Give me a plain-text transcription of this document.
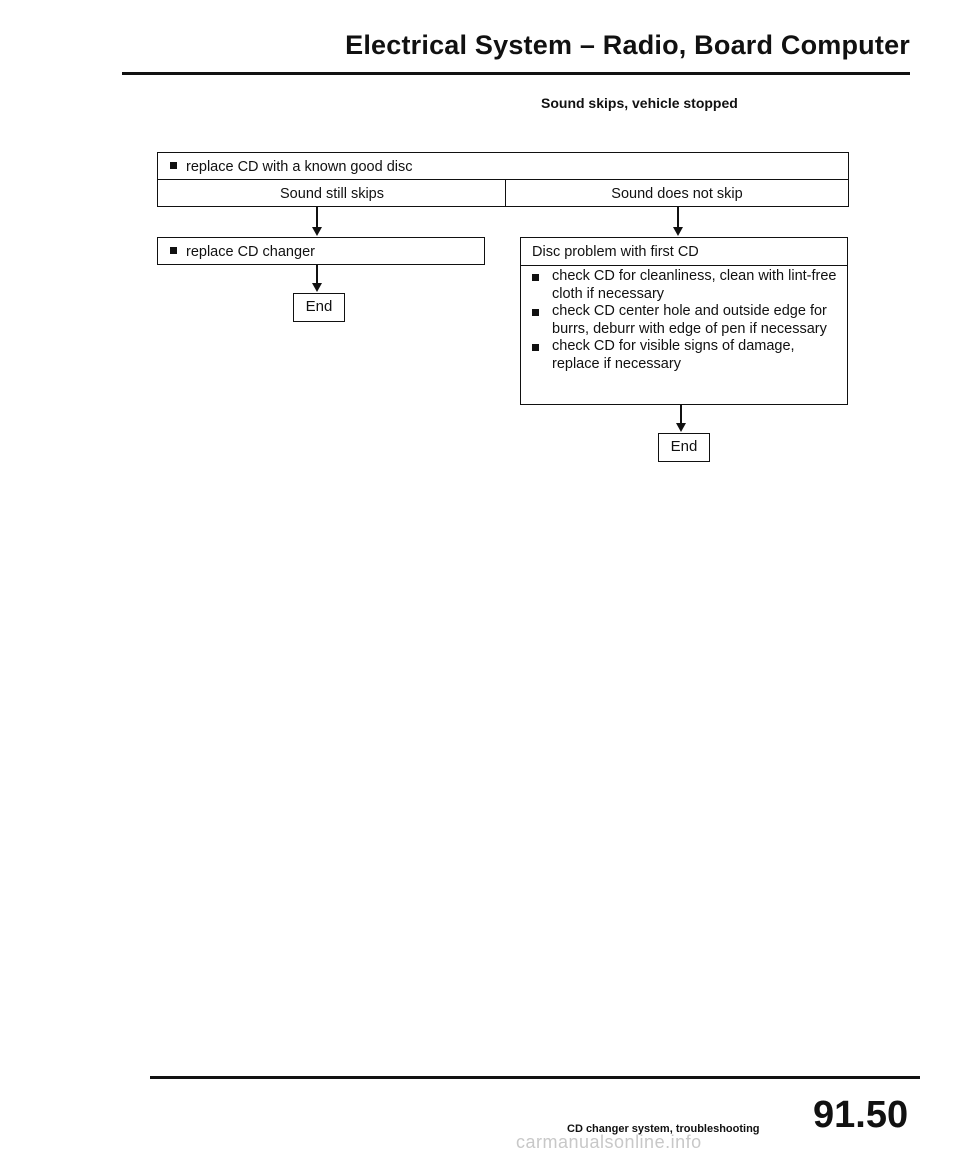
Electrical System – Radio, Board Computer
Sound skips, vehicle stopped
replace CD with a known good disc
Sound still skips	Sound does not skip
replace CD changer
End
Disc problem with first CD
check CD for cleanliness, clean with lint-free cloth if necessary
check CD center hole and outside edge for burrs, deburr with edge of pen if necessary
check CD for visible signs of damage, replace if necessary
End
CD changer system, troubleshooting 91.50
carmanualsonline.info
